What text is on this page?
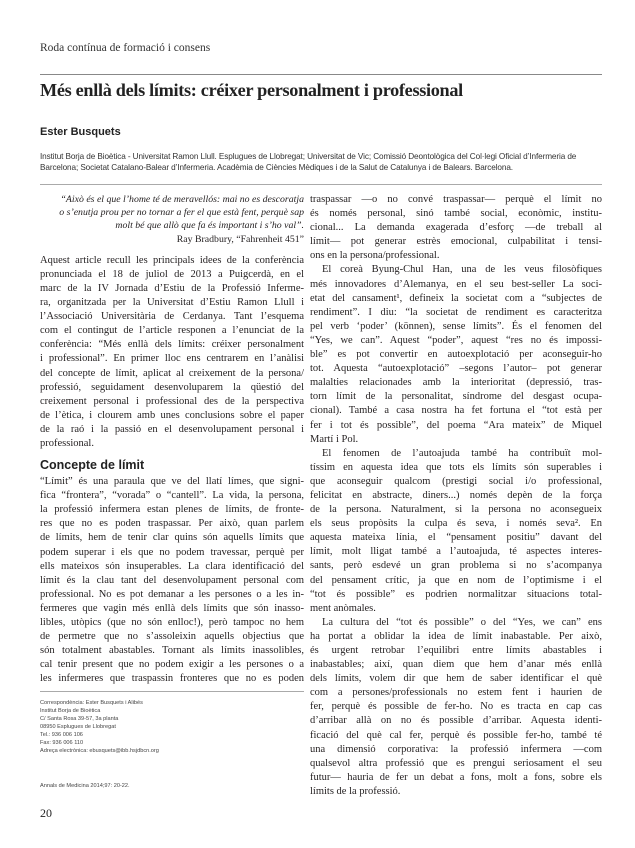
Roda contínua de formació i consens
Més enllà dels límits: créixer personalment i professional
Ester Busquets
Institut Borja de Bioètica - Universitat Ramon Llull. Esplugues de Llobregat; Universitat de Vic; Comissió Deontològica del Col·legi Oficial d’Infermeria de Barcelona; Societat Catalano-Balear d’Infermeria. Acadèmia de Ciències Mèdiques i de la Salut de Catalunya i de Balears. Barcelona.
“Això és el que l’home té de meravellós: mai no es descoratja
o s’enutja prou per no tornar a fer el que està fent, perquè sap
molt bé que allò que fa és important i s’ho val”.
Ray Bradbury, “Fahrenheit 451”
Aquest article recull les principals idees de la conferència
pronunciada el 18 de juliol de 2013 a Puigcerdà, en el
marc de la IV Jornada d’Estiu de la Professió Inferme-
ra, organitzada per la Universitat d’Estiu Ramon Llull i
l’Associació Universitària de Cerdanya. Tant l’esquema
com el contingut de l’article responen a l’enunciat de la
conferència: “Més enllà dels límits: créixer personalment
i professional”. En primer lloc ens centrarem en l’anàlisi
del concepte de límit, aplicat al creixement de la persona/
professió, seguidament desenvoluparem la qüestió del
creixement personal i professional des de la perspectiva
de l’ètica, i clourem amb unes conclusions sobre el paper
de la raó i la passió en el desenvolupament personal i
professional.
Concepte de límit
“Límit” és una paraula que ve del llatí límes, que signi-
fica “frontera”, “vorada” o “cantell”. La vida, la persona,
la professió infermera estan plenes de límits, de fronte-
res que no es poden traspassar. Per això, quan parlem
de límits, hem de tenir clar quins són aquells límits que
podem superar i els que no podem travessar, perquè per
ells mateixos són insuperables. La clara identificació del
límit és la clau tant del desenvolupament personal com
professional. No es pot demanar a les persones o a les in-
fermeres que vagin més enllà dels límits que són inasso-
libles, utòpics (que no són enlloc!), però tampoc no hem
de permetre que no s’assoleixin aquells objectius que
són totalment abastables. Tornant als límits inassolibles,
cal tenir present que no podem exigir a les persones o a
les infermeres que traspassin fronteres que no es poden
Correspondència: Ester Busquets i Alibés
Institut Borja de Bioètica
C/ Santa Rosa 39-57, 3a planta
08950 Esplugues de Llobregat
Tel.: 936 006 106
Fax: 936 006 110
Adreça electrònica: ebusquets@ibb.hsjdbcn.org
Annals de Medicina 2014;97: 20-22.
20
traspassar —o no convé traspassar— perquè el límit no
és només personal, sinó també social, econòmic, institu-
cional... La demanda exagerada d’esforç —de treball al
límit— pot generar estrès emocional, culpabilitat i tensi-
ons en la persona/professional.
El coreà Byung-Chul Han, una de les veus filosòfiques
més innovadores d’Alemanya, en el seu best-seller La soci-
etat del cansament¹, defineix la societat com a “subjectes de
rendiment”. I diu: “la societat de rendiment es caracteritza
pel verb ‘poder’ (können), sense límits”. És el fenomen del
“Yes, we can”. Aquest “poder”, aquest “res no és impossi-
ble” es pot convertir en autoexplotació per aconseguir-ho
tot. Aquesta “autoexplotació” –segons l’autor– pot generar
malalties relacionades amb la interioritat (depressió, tras-
torn límit de la personalitat, síndrome del desgast ocupa-
cional). També a casa nostra ha fet fortuna el “tot està per
fer i tot és possible”, del poema “Ara mateix” de Miquel
Martí i Pol.
El fenomen de l’autoajuda també ha contribuït mol-
tíssim en aquesta idea que tots els límits són superables i
que aconseguir qualcom (prestigi social i/o professional,
felicitat en abstracte, diners...) només depèn de la força
de la persona. Naturalment, si la persona no aconsegueix
els seus propòsits la culpa és seva, i només seva². En
aquesta mateixa línia, el “pensament positiu” davant del
límit, molt lligat també a l’autoajuda, té aspectes interes-
sants, però esdevé un gran problema si no s’acompanya
del pensament crític, ja que en nom de l’optimisme i el
“tot és possible” es podrien normalitzar situacions total-
ment anòmales.
La cultura del “tot és possible” o del “Yes, we can” ens
ha portat a oblidar la idea de límit inabastable. Per això,
és urgent retrobar l’equilibri entre límits abastables i
inabastables; així, quan diem que hem d’anar més enllà
dels límits, volem dir que hem de saber identificar el què
com a persones/professionals no estem fent i haurien de
fer, perquè és possible de fer-ho. No es tracta en cap cas
d’arribar allà on no és possible d’arribar. Aquesta identi-
ficació del què cal fer, perquè és possible fer-ho, també té
una dimensió corporativa: la professió infermera —com
qualsevol altra professió que es prengui seriosament el seu
futur— hauria de fer un debat a fons, molt a fons, sobre els
límits de la professió.
